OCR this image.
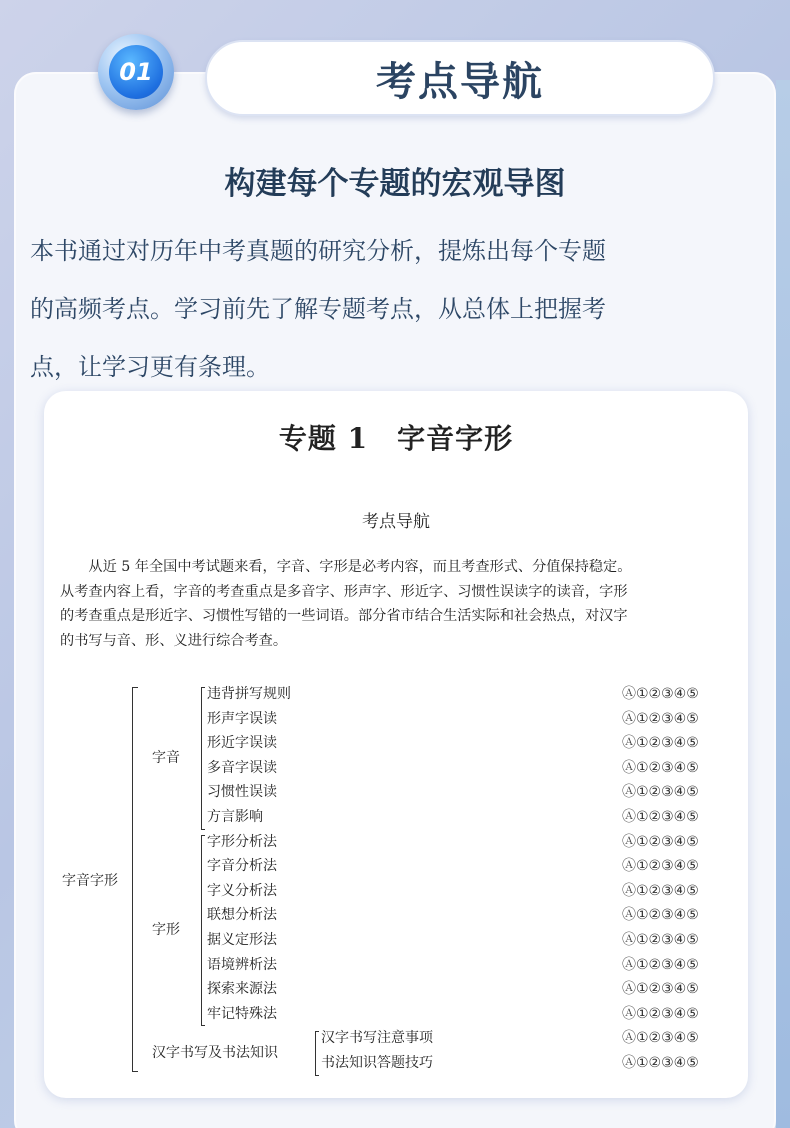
01	考点导航
构建每个专题的宏观导图
本书通过对历年中考真题的研究分析，提炼出每个专题
的高频考点。学习前先了解专题考点，从总体上把握考
点，让学习更有条理。
专题 1　字音字形
考点导航
从近 5 年全国中考试题来看，字音、字形是必考内容，而且考查形式、分值保持稳定。
从考查内容上看，字音的考查重点是多音字、形声字、形近字、习惯性误读字的读音，字形
的考查重点是形近字、习惯性写错的一些词语。部分省市结合生活实际和社会热点，对汉字
的书写与音、形、义进行综合考查。
字音字形
字音
违背拼写规则	Ⓐ①②③④⑤
形声字误读	Ⓐ①②③④⑤
形近字误读	Ⓐ①②③④⑤
多音字误读	Ⓐ①②③④⑤
习惯性误读	Ⓐ①②③④⑤
方言影响	Ⓐ①②③④⑤
字形
字形分析法	Ⓐ①②③④⑤
字音分析法	Ⓐ①②③④⑤
字义分析法	Ⓐ①②③④⑤
联想分析法	Ⓐ①②③④⑤
据义定形法	Ⓐ①②③④⑤
语境辨析法	Ⓐ①②③④⑤
探索来源法	Ⓐ①②③④⑤
牢记特殊法	Ⓐ①②③④⑤
汉字书写及书法知识
汉字书写注意事项	Ⓐ①②③④⑤
书法知识答题技巧	Ⓐ①②③④⑤
